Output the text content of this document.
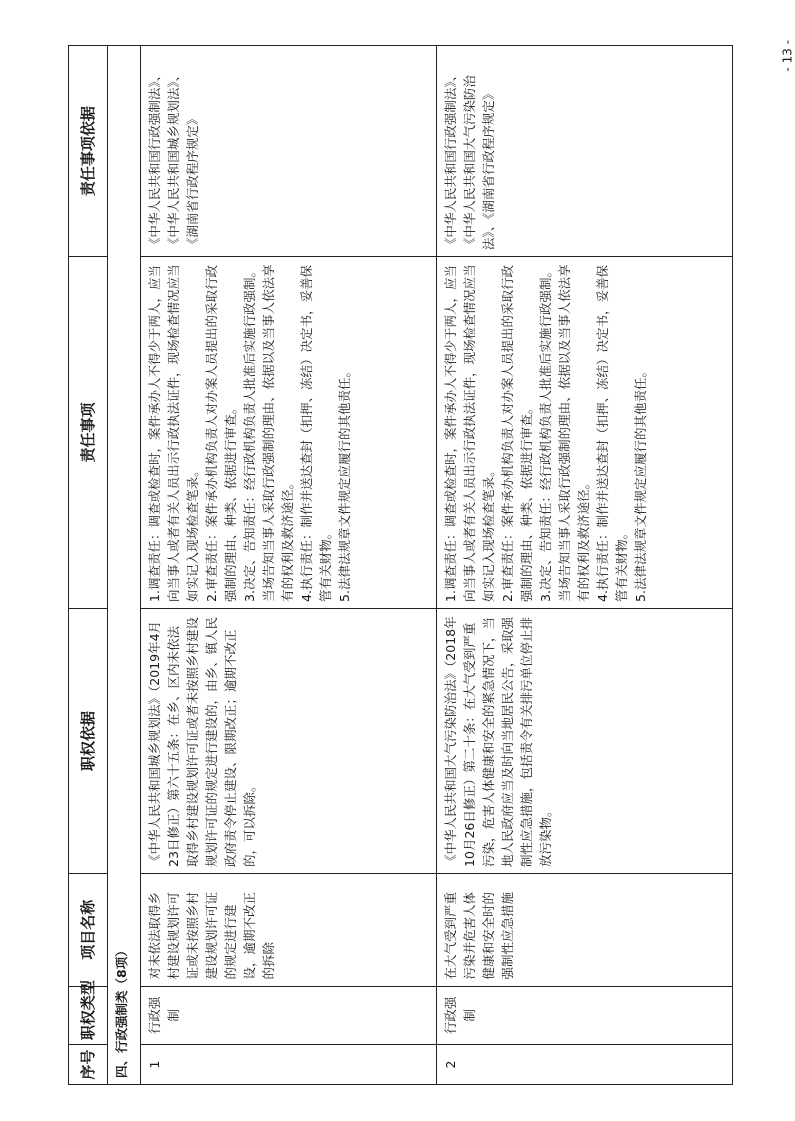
序号	职权类型	项目名称	职权依据	责任事项	责任事项依据
四、行政强制类（8项）					
1	行政强制	对未依法取得乡村建设规划许可证或未按照乡村建设规划许可证的规定进行建设，逾期不改正的拆除	《中华人民共和国城乡规划法》（2019年4月23日修正）第六十五条：在乡、区内未依法取得乡村建设规划许可证或者未按照乡村建设规划许可证的规定进行建设的，由乡、镇人民政府责令停止建设、限期改正；逾期不改正的，可以拆除。	1.调查责任：调查或检查时，案件承办人不得少于两人，应当向当事人或者有关人员出示行政执法证件，现场检查情况应当如实记入现场检查笔录。
2.审查责任：案件承办机构负责人对办案人员提出的采取行政强制的理由、种类、依据进行审查。
3.决定、告知责任：经行政机构负责人批准后实施行政强制。当场告知当事人采取行政强制的理由、依据以及当事人依法享有的权利及救济途径。
4.执行责任：制作并送达查封（扣押、冻结）决定书，妥善保管有关财物。
5.法律法规章文件规定应履行的其他责任。	《中华人民共和国行政强制法》、《中华人民共和国城乡规划法》、《湖南省行政程序规定》
2	行政强制	在大气受到严重污染并危害人体健康和安全时的强制性应急措施	《中华人民共和国大气污染防治法》（2018年10月26日修正）第二十条：在大气受到严重污染，危害人体健康和安全的紧急情况下，当地人民政府应当及时向当地居民公告，采取强制性应急措施，包括责令有关排污单位停止排放污染物。	1.调查责任：调查或检查时，案件承办人不得少于两人，应当向当事人或者有关人员出示行政执法证件，现场检查情况应当如实记入现场检查笔录。
2.审查责任：案件承办机构负责人对办案人员提出的采取行政强制的理由、种类、依据进行审查。
3.决定、告知责任：经行政机构负责人批准后实施行政强制。当场告知当事人采取行政强制的理由、依据以及当事人依法享有的权利及救济途径。
4.执行责任：制作并送达查封（扣押、冻结）决定书，妥善保管有关财物。
5.法律法规章文件规定应履行的其他责任。	《中华人民共和国行政强制法》、《中华人民共和国大气污染防治法》、《湖南省行政程序规定》
- 13 -
